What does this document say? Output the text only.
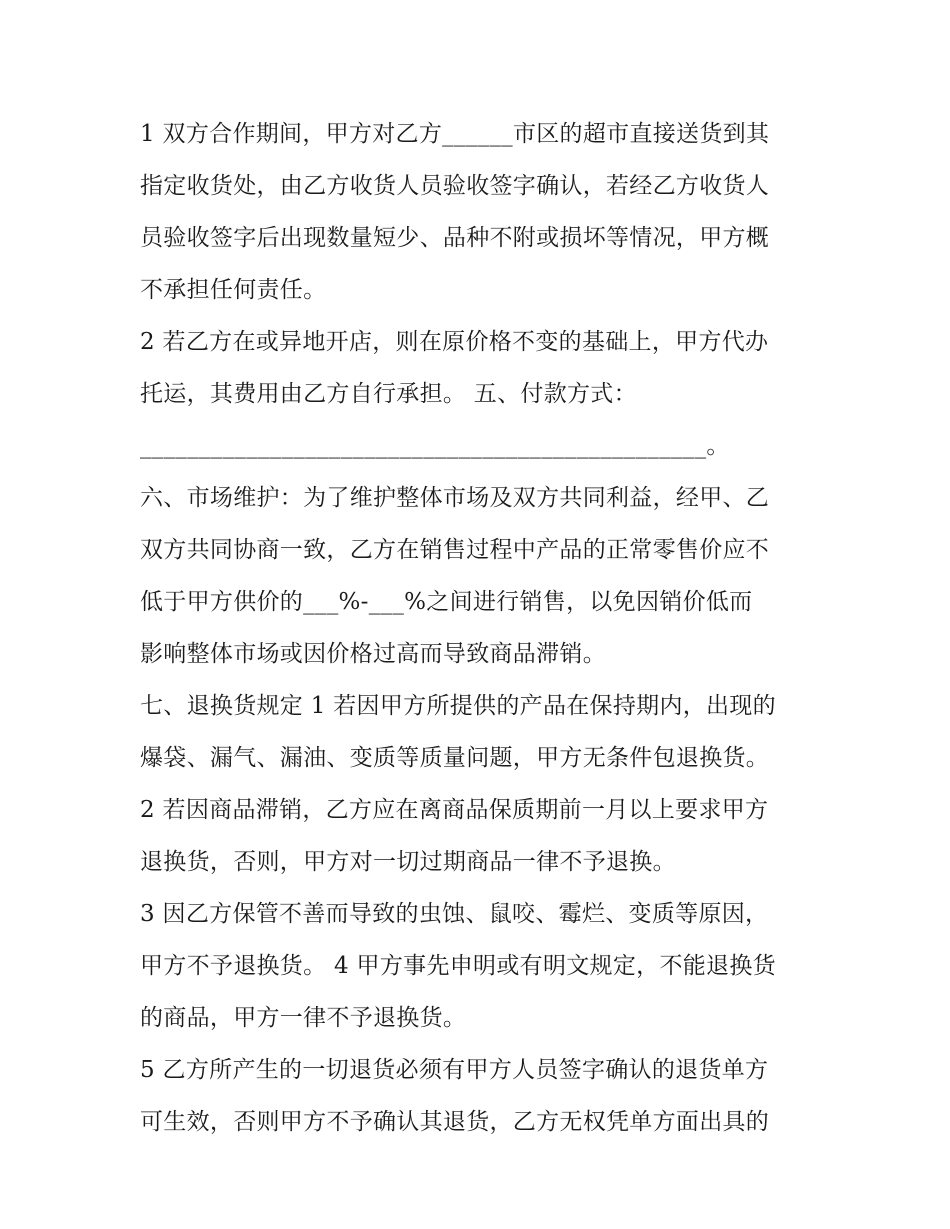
1 双方合作期间，甲方对乙方______市区的超市直接送货到其
指定收货处，由乙方收货人员验收签字确认，若经乙方收货人
员验收签字后出现数量短少、品种不附或损坏等情况，甲方概
不承担任何责任。
2 若乙方在或异地开店，则在原价格不变的基础上，甲方代办
托运，其费用由乙方自行承担。 五、付款方式：
________________________________________________。
六、市场维护：为了维护整体市场及双方共同利益，经甲、乙
双方共同协商一致，乙方在销售过程中产品的正常零售价应不
低于甲方供价的___%-___%之间进行销售，以免因销价低而
影响整体市场或因价格过高而导致商品滞销。
七、退换货规定 1 若因甲方所提供的产品在保持期内，出现的
爆袋、漏气、漏油、变质等质量问题，甲方无条件包退换货。
2 若因商品滞销，乙方应在离商品保质期前一月以上要求甲方
退换货，否则，甲方对一切过期商品一律不予退换。
3 因乙方保管不善而导致的虫蚀、鼠咬、霉烂、变质等原因，
甲方不予退换货。 4 甲方事先申明或有明文规定，不能退换货
的商品，甲方一律不予退换货。
5 乙方所产生的一切退货必须有甲方人员签字确认的退货单方
可生效，否则甲方不予确认其退货，乙方无权凭单方面出具的
